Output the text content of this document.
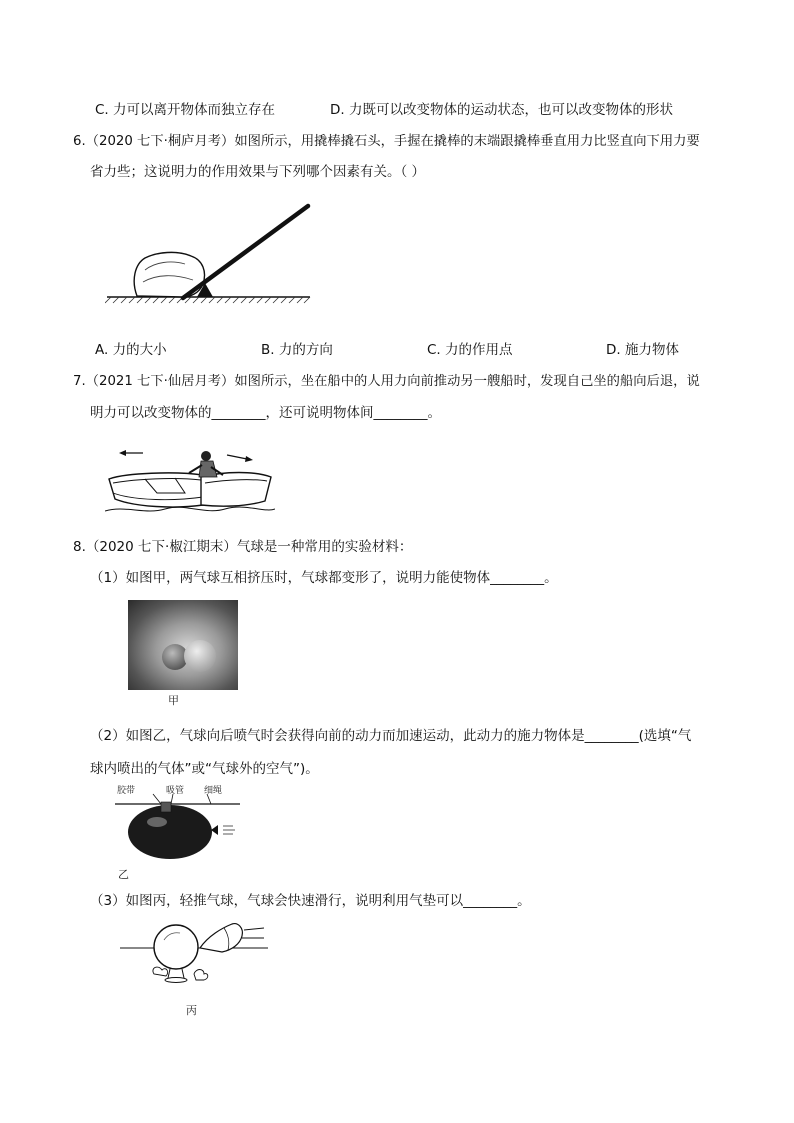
C. 力可以离开物体而独立存在	D. 力既可以改变物体的运动状态，也可以改变物体的形状
6.（2020 七下·桐庐月考）如图所示，用撬棒撬石头，手握在撬棒的末端跟撬棒垂直用力比竖直向下用力要
省力些；这说明力的作用效果与下列哪个因素有关。（ ）
A. 力的大小	B. 力的方向	C. 力的作用点	D. 施力物体
7.（2021 七下·仙居月考）如图所示，坐在船中的人用力向前推动另一艘船时，发现自己坐的船向后退，说
明力可以改变物体的________，还可说明物体间________。
8.（2020 七下·椒江期末）气球是一种常用的实验材料：
（1）如图甲，两气球互相挤压时，气球都变形了，说明力能使物体________。
甲
（2）如图乙，气球向后喷气时会获得向前的动力而加速运动，此动力的施力物体是________(选填“气
球内喷出的气体”或“气球外的空气”)。
胶带	吸管 细绳
乙
（3）如图丙，轻推气球，气球会快速滑行，说明利用气垫可以________。
丙
